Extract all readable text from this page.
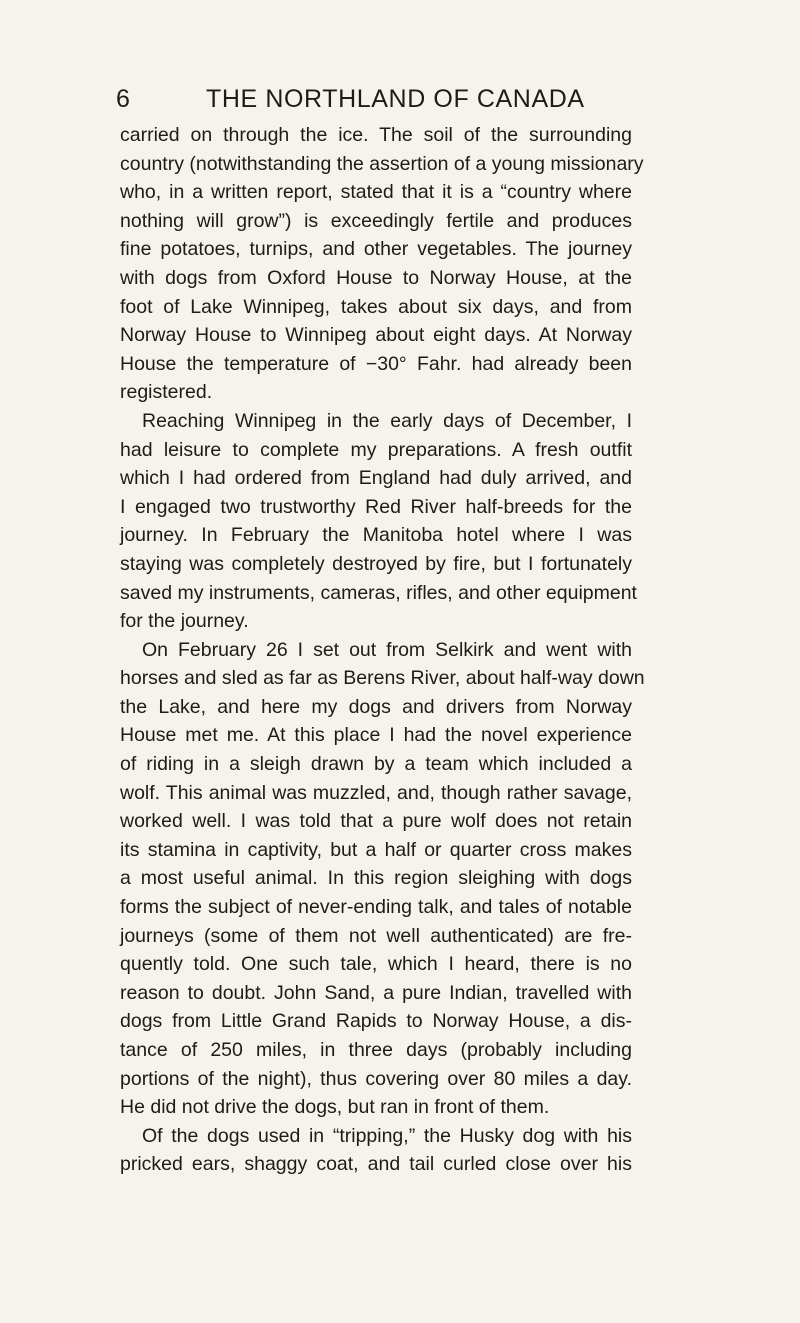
6	THE NORTHLAND OF CANADA
carried on through the ice. The soil of the surrounding
country (notwithstanding the assertion of a young missionary
who, in a written report, stated that it is a “country where
nothing will grow”) is exceedingly fertile and produces
fine potatoes, turnips, and other vegetables. The journey
with dogs from Oxford House to Norway House, at the
foot of Lake Winnipeg, takes about six days, and from
Norway House to Winnipeg about eight days. At Norway
House the temperature of −30° Fahr. had already been
registered.
Reaching Winnipeg in the early days of December, I
had leisure to complete my preparations. A fresh outfit
which I had ordered from England had duly arrived, and
I engaged two trustworthy Red River half-breeds for the
journey. In February the Manitoba hotel where I was
staying was completely destroyed by fire, but I fortunately
saved my instruments, cameras, rifles, and other equipment
for the journey.
On February 26 I set out from Selkirk and went with
horses and sled as far as Berens River, about half-way down
the Lake, and here my dogs and drivers from Norway
House met me. At this place I had the novel experience
of riding in a sleigh drawn by a team which included a
wolf. This animal was muzzled, and, though rather savage,
worked well. I was told that a pure wolf does not retain
its stamina in captivity, but a half or quarter cross makes
a most useful animal. In this region sleighing with dogs
forms the subject of never-ending talk, and tales of notable
journeys (some of them not well authenticated) are fre-
quently told. One such tale, which I heard, there is no
reason to doubt. John Sand, a pure Indian, travelled with
dogs from Little Grand Rapids to Norway House, a dis-
tance of 250 miles, in three days (probably including
portions of the night), thus covering over 80 miles a day.
He did not drive the dogs, but ran in front of them.
Of the dogs used in “tripping,” the Husky dog with his
pricked ears, shaggy coat, and tail curled close over his
